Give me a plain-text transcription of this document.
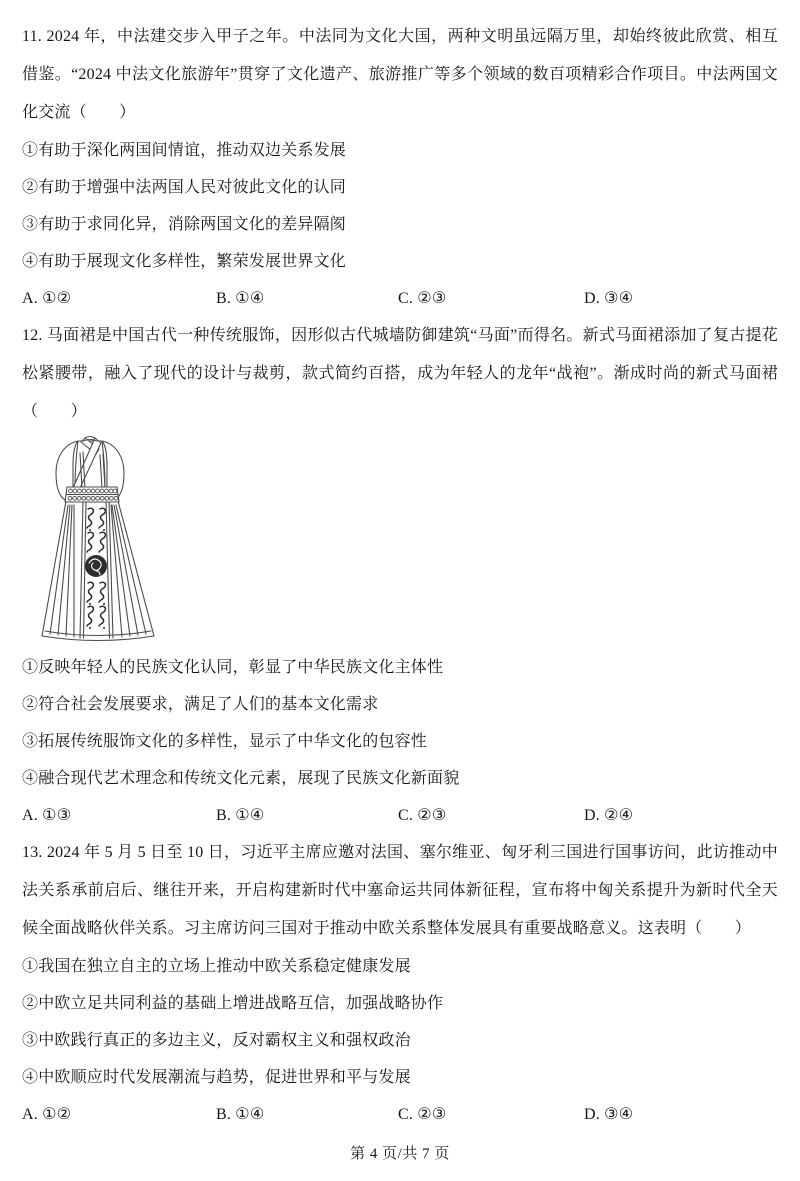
11. 2024 年，中法建交步入甲子之年。中法同为文化大国，两种文明虽远隔万里，却始终彼此欣赏、相互借鉴。“2024 中法文化旅游年”贯穿了文化遗产、旅游推广等多个领域的数百项精彩合作项目。中法两国文化交流（　　）

①有助于深化两国间情谊，推动双边关系发展

②有助于增强中法两国人民对彼此文化的认同

③有助于求同化异，消除两国文化的差异隔阂

④有助于展现文化多样性，繁荣发展世界文化

A. ①②	B. ①④	C. ②③	D. ③④

12. 马面裙是中国古代一种传统服饰，因形似古代城墙防御建筑“马面”而得名。新式马面裙添加了复古提花松紧腰带，融入了现代的设计与裁剪，款式简约百搭，成为年轻人的龙年“战袍”。渐成时尚的新式马面裙（　　）

①反映年轻人的民族文化认同，彰显了中华民族文化主体性

②符合社会发展要求，满足了人们的基本文化需求

③拓展传统服饰文化的多样性，显示了中华文化的包容性

④融合现代艺术理念和传统文化元素，展现了民族文化新面貌

A. ①③	B. ①④	C. ②③	D. ②④

13. 2024 年 5 月 5 日至 10 日，习近平主席应邀对法国、塞尔维亚、匈牙利三国进行国事访问，此访推动中法关系承前启后、继往开来，开启构建新时代中塞命运共同体新征程，宣布将中匈关系提升为新时代全天候全面战略伙伴关系。习主席访问三国对于推动中欧关系整体发展具有重要战略意义。这表明（　　）

①我国在独立自主的立场上推动中欧关系稳定健康发展

②中欧立足共同利益的基础上增进战略互信，加强战略协作

③中欧践行真正的多边主义，反对霸权主义和强权政治

④中欧顺应时代发展潮流与趋势，促进世界和平与发展

A. ①②	B. ①④	C. ②③	D. ③④
第 4 页/共 7 页
